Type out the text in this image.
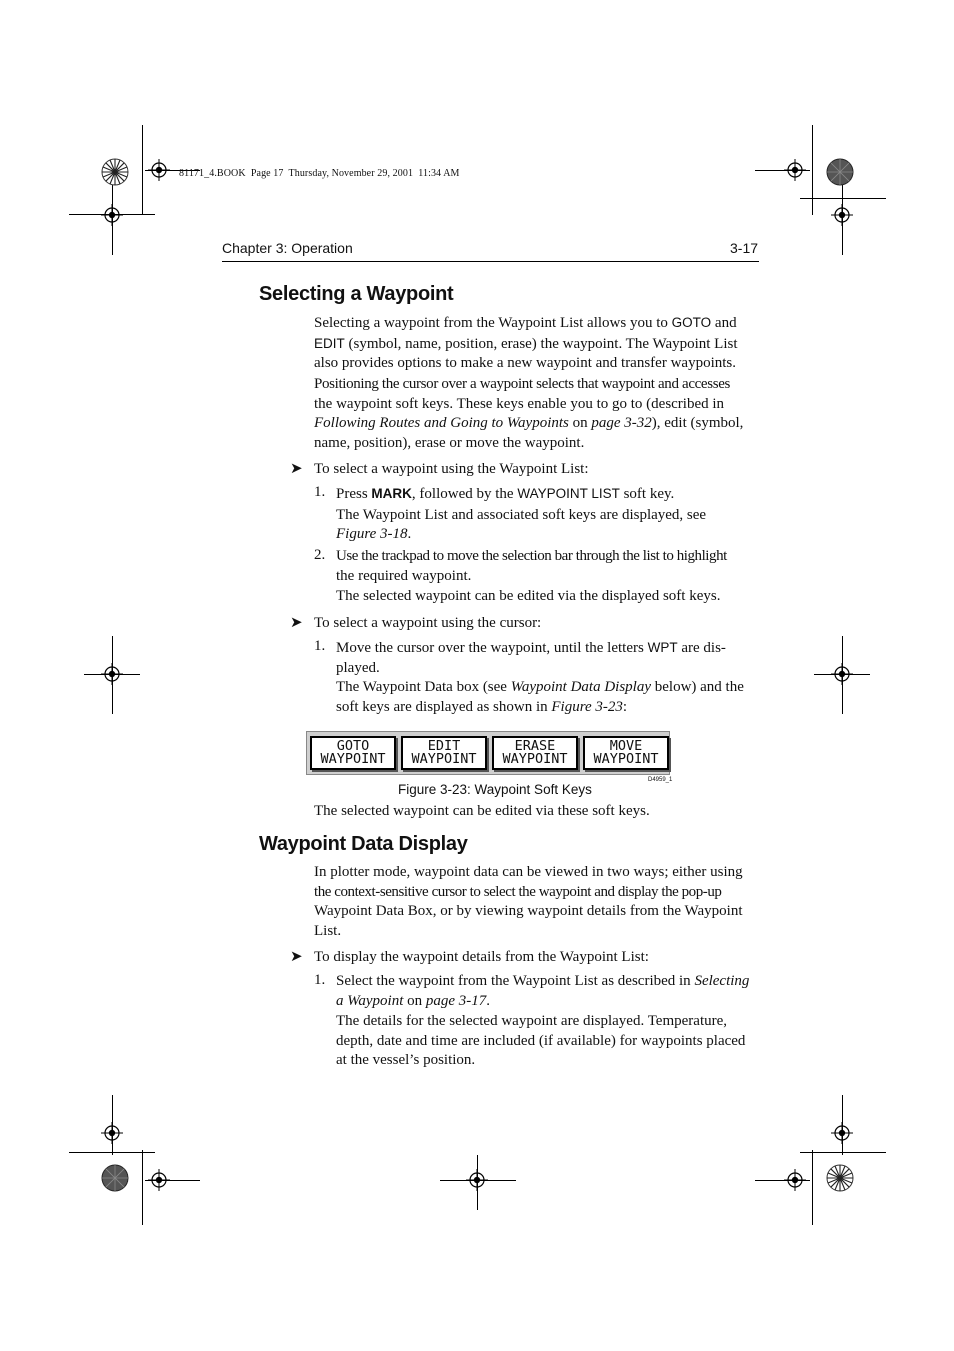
81171_4.BOOK  Page 17  Thursday, November 29, 2001  11:34 AM
Chapter 3: Operation	3-17
Selecting a Waypoint
Selecting a waypoint from the Waypoint List allows you to GOTO and
EDIT (symbol, name, position, erase) the waypoint. The Waypoint List
also provides options to make a new waypoint and transfer waypoints.
Positioning the cursor over a waypoint selects that waypoint and accesses
the waypoint soft keys. These keys enable you to go to (described in
Following Routes and Going to Waypoints on page 3-32), edit (symbol,
name, position), erase or move the waypoint.
➤ To select a waypoint using the Waypoint List:
1. Press MARK, followed by the WAYPOINT LIST soft key.
The Waypoint List and associated soft keys are displayed, see
Figure 3-18.
2. Use the trackpad to move the selection bar through the list to highlight
the required waypoint.
The selected waypoint can be edited via the displayed soft keys.
➤ To select a waypoint using the cursor:
1. Move the cursor over the waypoint, until the letters WPT are dis-
played.
The Waypoint Data box (see Waypoint Data Display below) and the
soft keys are displayed as shown in Figure 3-23:
GOTO
WAYPOINT
EDIT
WAYPOINT
ERASE
WAYPOINT
MOVE
WAYPOINT
D4959_1
Figure 3-23: Waypoint Soft Keys
The selected waypoint can be edited via these soft keys.
Waypoint Data Display
In plotter mode, waypoint data can be viewed in two ways; either using
the context-sensitive cursor to select the waypoint and display the pop-up
Waypoint Data Box, or by viewing waypoint details from the Waypoint
List.
➤ To display the waypoint details from the Waypoint List:
1. Select the waypoint from the Waypoint List as described in Selecting
a Waypoint on page 3-17.
The details for the selected waypoint are displayed. Temperature,
depth, date and time are included (if available) for waypoints placed
at the vessel’s position.
